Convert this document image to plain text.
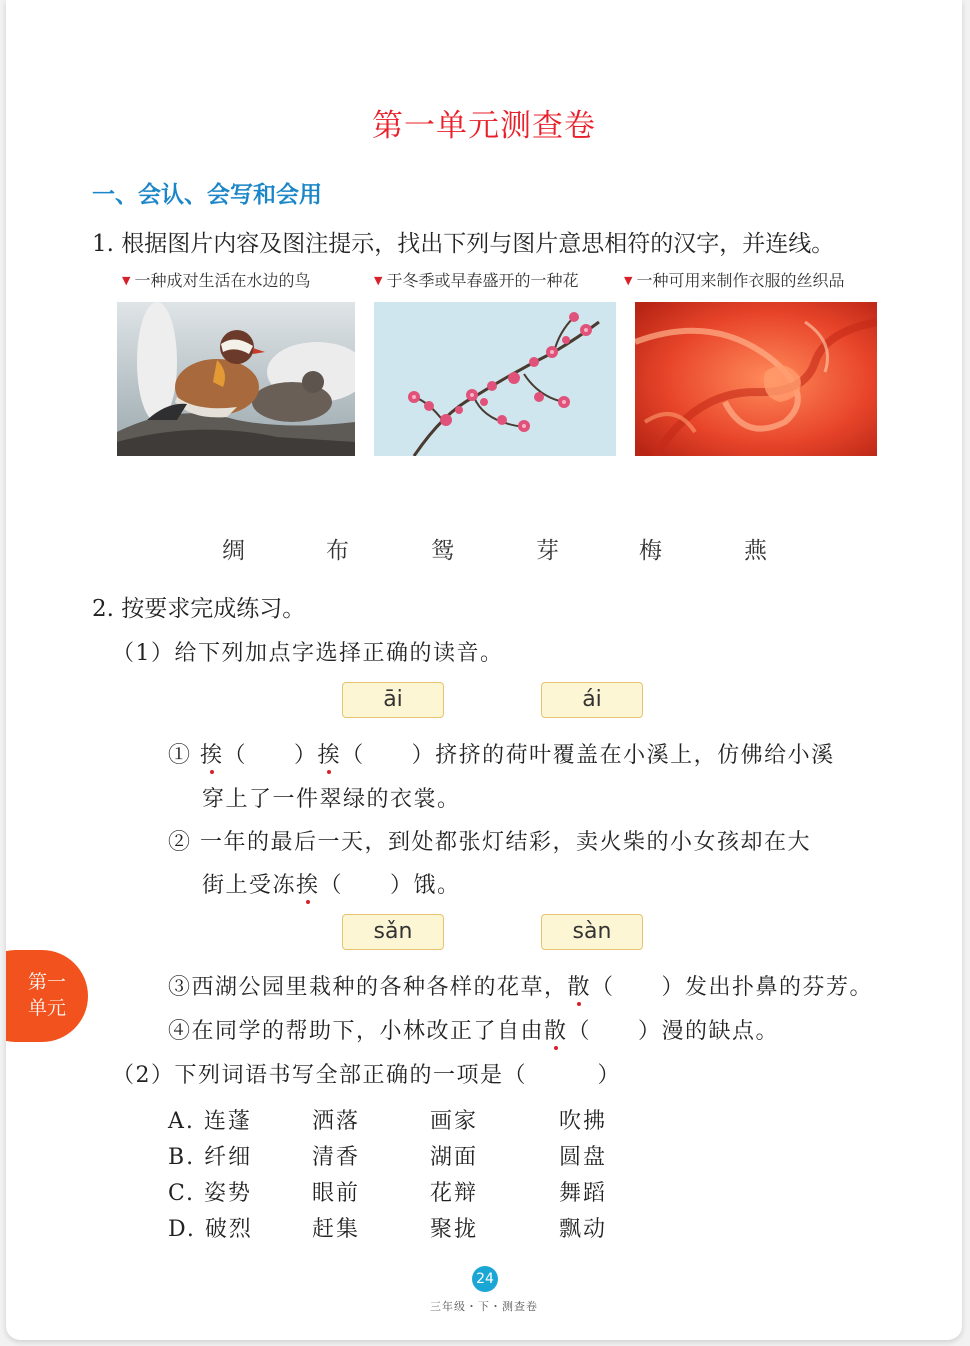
第一单元测查卷
一、会认、会写和会用
1. 根据图片内容及图注提示，找出下列与图片意思相符的汉字，并连线。
▼ 一种成对生活在水边的鸟	▼ 于冬季或早春盛开的一种花	▼ 一种可用来制作衣服的丝织品
绸	布	鸳	芽	梅	燕
2. 按要求完成练习。
（1）给下列加点字选择正确的读音。
āi	ái
① 挨（　　）挨（　　）挤挤的荷叶覆盖在小溪上，仿佛给小溪
穿上了一件翠绿的衣裳。
② 一年的最后一天，到处都张灯结彩，卖火柴的小女孩却在大
街上受冻挨（　　）饿。
sǎn	sàn
③西湖公园里栽种的各种各样的花草，散（　　）发出扑鼻的芬芳。
④在同学的帮助下，小林改正了自由散（　　）漫的缺点。
（2）下列词语书写全部正确的一项是（　　　）
A. 连蓬	洒落	画家	吹拂
B. 纤细	清香	湖面	圆盘
C. 姿势	眼前	花辩	舞蹈
D. 破烈	赶集	聚拢	飘动
第一
单元
24
三年级・下・测查卷
